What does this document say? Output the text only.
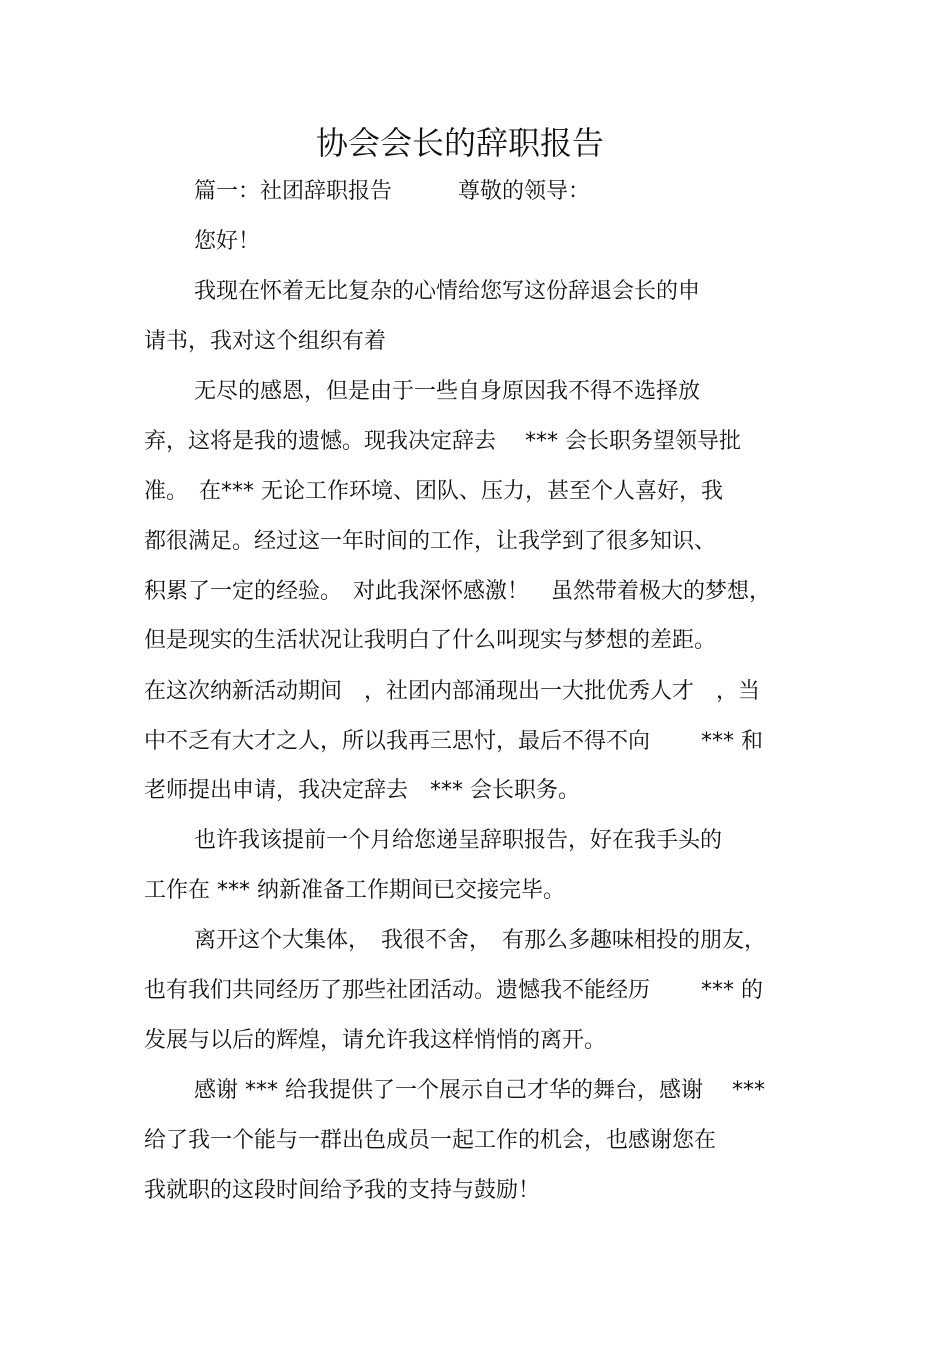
协会会长的辞职报告
篇一：社团辞职报告　　　尊敬的领导：
您好！
我现在怀着无比复杂的心情给您写这份辞退会长的申
请书，我对这个组织有着
无尽的感恩，但是由于一些自身原因我不得不选择放
弃，这将是我的遗憾。现我决定辞去　 *** 会长职务望领导批
准。　在*** 无论工作环境、团队、压力，甚至个人喜好，我
都很满足。经过这一年时间的工作，让我学到了很多知识、
积累了一定的经验。　对此我深怀感激！　虽然带着极大的梦想，
但是现实的生活状况让我明白了什么叫现实与梦想的差距。
在这次纳新活动期间　，社团内部涌现出一大批优秀人才　，当
中不乏有大才之人，所以我再三思忖，最后不得不向　　 *** 和
老师提出申请，我决定辞去　*** 会长职务。
也许我该提前一个月给您递呈辞职报告，好在我手头的
工作在 *** 纳新准备工作期间已交接完毕。
离开这个大集体，　我很不舍，　有那么多趣味相投的朋友，
也有我们共同经历了那些社团活动。遗憾我不能经历　　 *** 的
发展与以后的辉煌，请允许我这样悄悄的离开。
感谢 *** 给我提供了一个展示自己才华的舞台，感谢　 ***
给了我一个能与一群出色成员一起工作的机会，也感谢您在
我就职的这段时间给予我的支持与鼓励！
